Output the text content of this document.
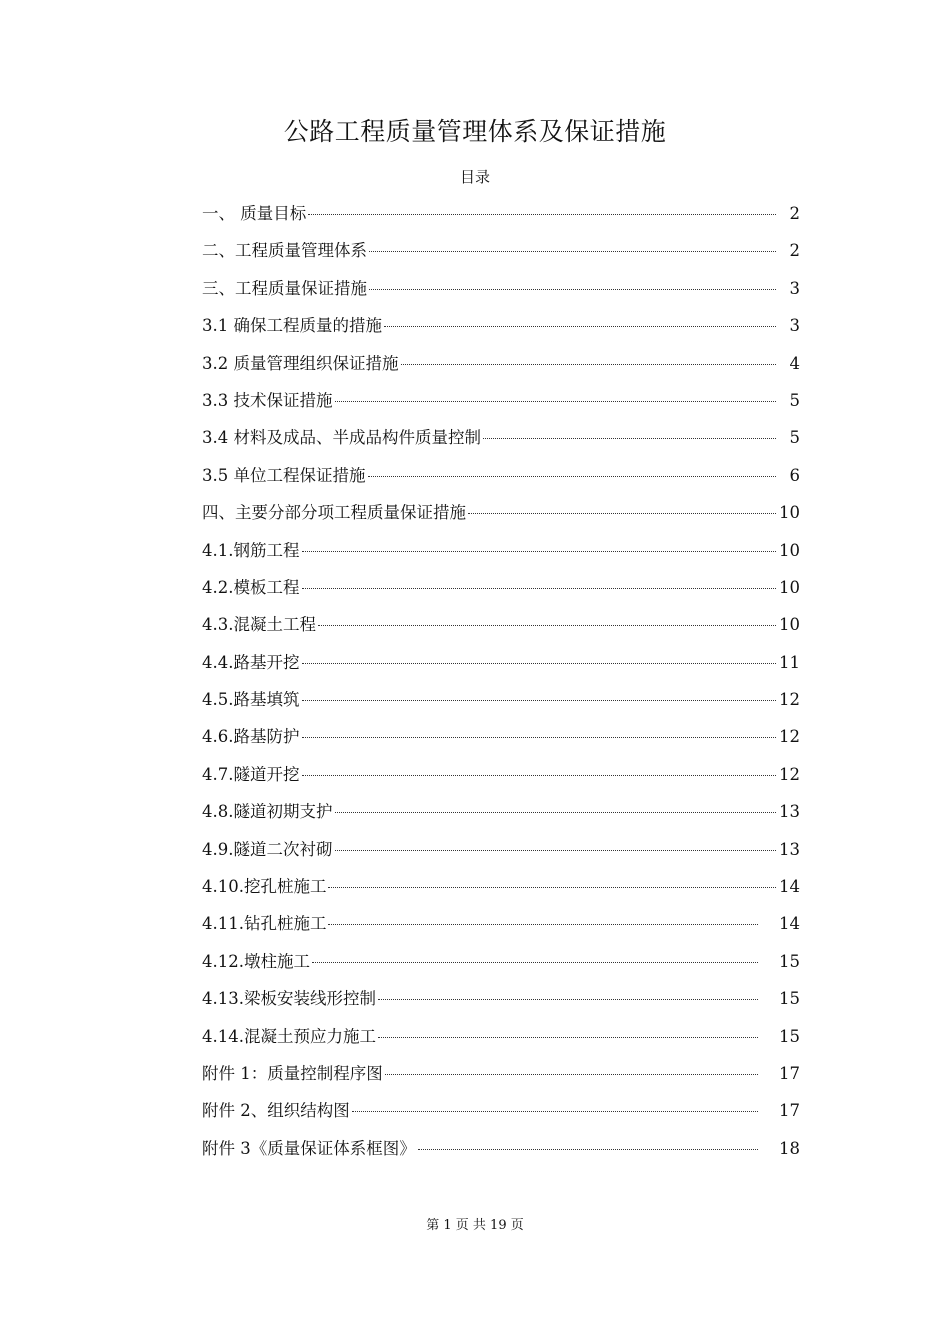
公路工程质量管理体系及保证措施
目录
一、 质量目标	2
二、工程质量管理体系	2
三、工程质量保证措施	3
3.1 确保工程质量的措施	3
3.2 质量管理组织保证措施	4
3.3 技术保证措施	5
3.4 材料及成品、半成品构件质量控制	5
3.5 单位工程保证措施	6
四、主要分部分项工程质量保证措施	10
4.1.钢筋工程	10
4.2.模板工程	10
4.3.混凝土工程	10
4.4.路基开挖	11
4.5.路基填筑	12
4.6.路基防护	12
4.7.隧道开挖	12
4.8.隧道初期支护	13
4.9.隧道二次衬砌	13
4.10.挖孔桩施工	14
4.11.钻孔桩施工	14
4.12.墩柱施工	15
4.13.梁板安装线形控制	15
4.14.混凝土预应力施工	15
附件 1：质量控制程序图	17
附件 2、组织结构图	17
附件 3《质量保证体系框图》	18
第 1 页 共 19 页
